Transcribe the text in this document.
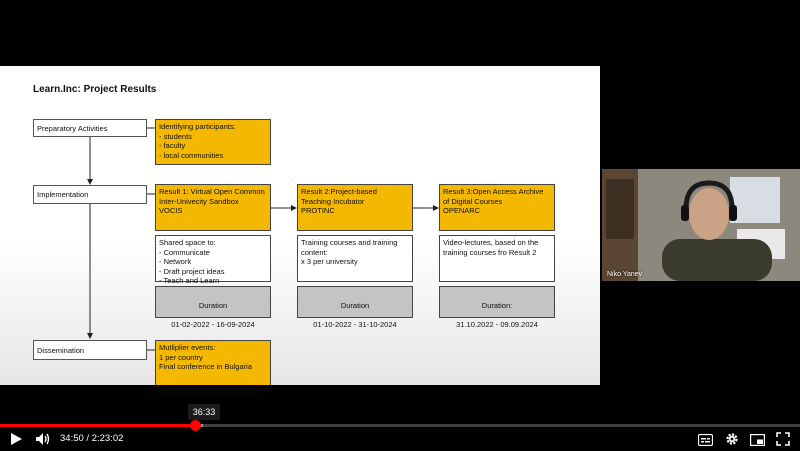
Learn.Inc: Project Results
Preparatory Activities
Implementation
Dissemination
Identifying participants:
- students
- faculty
- local communities
Result 1: Virtual Open Common
Inter-Univecity Sandbox
VOCIS
Shared space to:
- Communicate
- Network
- Draft project ideas
- Teach and Learn

Duration

01-02-2022 - 16-09-2024

Result 2:Project-based
Teaching Incubator
PROTINC
Training courses and training
content:
x 3 per university

Duration

01-10-2022 - 31-10-2024

Result 3:Open Access Archive
of Digital Courses
OPENARC
Video-lectures, based on the
training courses fro Result 2

Duration:

31.10.2022 - 09.09.2024

Mutliplier events:
1 per country
Final conference in Bulgaria
Niko Yanev
36:33
34:50 / 2:23:02
